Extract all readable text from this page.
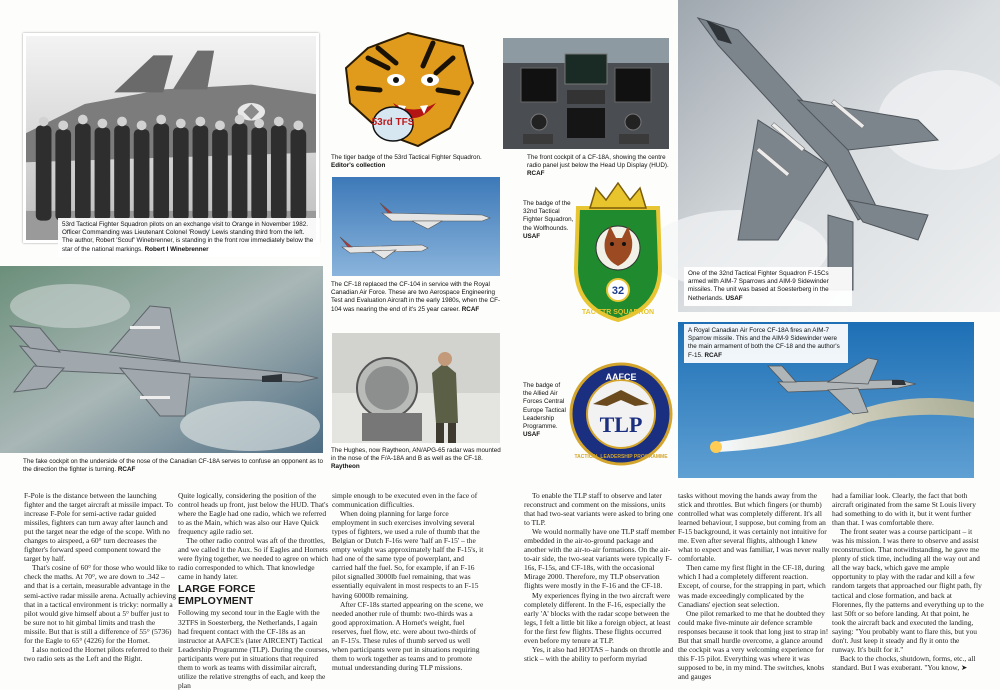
53rd Tactical Fighter Squadron pilots on an exchange visit to Orange in November 1982. Officer Commanding was Lieutenant Colonel 'Rowdy' Lewis standing third from the left. The author, Robert 'Scouf' Winebrenner, is standing in the front row immediately below the star of the national markings. Robert I Winebrenner
53rd TFS
The tiger badge of the 53rd Tactical Fighter Squadron. Editor's collection
The front cockpit of a CF-18A, showing the centre radio panel just below the Head Up Display (HUD). RCAF
One of the 32nd Tactical Fighter Squadron F-15Cs armed with AIM-7 Sparrows and AIM-9 Sidewinder missiles. The unit was based at Soesterberg in the Netherlands. USAF
The badge of the 32nd Tactical Fighter Squadron, the Wolfhounds. USAF
32
TAC FTR SQUADRON
The CF-18 replaced the CF-104 in service with the Royal Canadian Air Force. These are two Aerospace Engineering Test and Evaluation Aircraft in the early 1980s, when the CF-104 was nearing the end of it's 25 year career. RCAF
The fake cockpit on the underside of the nose of the Canadian CF-18A serves to confuse an opponent as to the direction the fighter is turning. RCAF
The Hughes, now Raytheon, AN/APG-65 radar was mounted in the nose of the F/A-18A and B as well as the CF-18. Raytheon
The badge of the Allied Air Forces Central Europe Tactical Leadership Programme. USAF
AAFCE
TLP
TACTICAL LEADERSHIP PROGRAMME
A Royal Canadian Air Force CF-18A fires an AIM-7 Sparrow missile. This and the AIM-9 Sidewinder were the main armament of both the CF-18 and the author's F-15. RCAF

F-Pole is the distance between the launching fighter and the target aircraft at missile impact. To increase F-Pole for semi-active radar guided missiles, fighters can turn away after launch and put the target near the edge of the scope. With no changes to airspeed, a 60° turn decreases the fighter's forward speed component toward the target by half.

That's cosine of 60° for those who would like to check the maths. At 70°, we are down to .342 – and that is a certain, measurable advantage in the semi-active radar missile arena. Actually achieving that in a tactical environment is tricky: normally a pilot would give himself about a 5° buffer just to be sure not to hit gimbal limits and trash the missile. But that is still a difference of 55° (5736) for the Eagle to 65° (4226) for the Hornet.

I also noticed the Hornet pilots referred to their two radio sets as the Left and the Right.

Quite logically, considering the position of the control heads up front, just below the HUD. That's where the Eagle had one radio, which we referred to as the Main, which was also our Have Quick frequency agile radio set.

The other radio control was aft of the throttles, and we called it the Aux. So if Eagles and Hornets were flying together, we needed to agree on which radio corresponded to which. That knowledge came in handy later.

LARGE FORCE EMPLOYMENT

Following my second tour in the Eagle with the 32TFS in Soesterberg, the Netherlands, I again had frequent contact with the CF-18s as an instructor at AAFCE's (later AIRCENT) Tactical Leadership Programme (TLP). During the courses, participants were put in situations that required them to work as teams with dissimilar aircraft, utilize the relative strengths of each, and keep the plan

simple enough to be executed even in the face of communication difficulties.

When doing planning for large force employment in such exercises involving several types of fighters, we used a rule of thumb that the Belgian or Dutch F-16s were 'half an F-15' – the empty weight was approximately half the F-15's, it had one of the same type of powerplant, and carried half the fuel. So, for example, if an F-16 pilot signalled 3000lb fuel remaining, that was essentially equivalent in most respects to an F-15 having 6000lb remaining.

After CF-18s started appearing on the scene, we needed another rule of thumb: two-thirds was a good approximation. A Hornet's weight, fuel reserves, fuel flow, etc. were about two-thirds of an F-15's. These rules of thumb served us well when participants were put in situations requiring them to work together as teams and to promote mutual understanding during TLP missions.

To enable the TLP staff to observe and later reconstruct and comment on the missions, units that had two-seat variants were asked to bring one to TLP.

We would normally have one TLP staff member embedded in the air-to-ground package and another with the air-to-air formations. On the air-to-air side, the two-seat variants were typically F-16s, F-15s, and CF-18s, with the occasional Mirage 2000. Therefore, my TLP observation flights were mostly in the F-16 and the CF-18.

My experiences flying in the two aircraft were completely different. In the F-16, especially the early 'A' blocks with the radar scope between the legs, I felt a little bit like a foreign object, at least for the first few flights. These flights occurred even before my tenure at TLP.

Yes, it also had HOTAS – hands on throttle and stick – with the ability to perform myriad

tasks without moving the hands away from the stick and throttles. But which fingers (or thumb) controlled what was completely different. It's all learned behaviour, I suppose, but coming from an F-15 background, it was certainly not intuitive for me. Even after several flights, although I knew what to expect and was familiar, I was never really comfortable.

Then came my first flight in the CF-18, during which I had a completely different reaction. Except, of course, for the strapping in part, which was made exceedingly complicated by the Canadians' ejection seat selection.

One pilot remarked to me that he doubted they could make five-minute air defence scramble responses because it took that long just to strap in! But that small hurdle overcome, a glance around the cockpit was a very welcoming experience for this F-15 pilot. Everything was where it was supposed to be, in my mind. The switches, knobs and gauges

had a familiar look. Clearly, the fact that both aircraft originated from the same St Louis livery had something to do with it, but it went further than that. I was comfortable there.

The front seater was a course participant – it was his mission. I was there to observe and assist reconstruction. That notwithstanding, he gave me plenty of stick time, including all the way out and all the way back, which gave me ample opportunity to play with the radar and kill a few random targets that approached our flight path, fly tactical and close formation, and back at Florennes, fly the patterns and everything up to the last 50ft or so before landing. At that point, he took the aircraft back and executed the landing, saying: "You probably want to flare this, but you don't. Just keep it steady and fly it onto the runway. It's built for it."

Back to the chocks, shutdown, forms, etc., all standard. But I was exuberant. "You know, ➤
